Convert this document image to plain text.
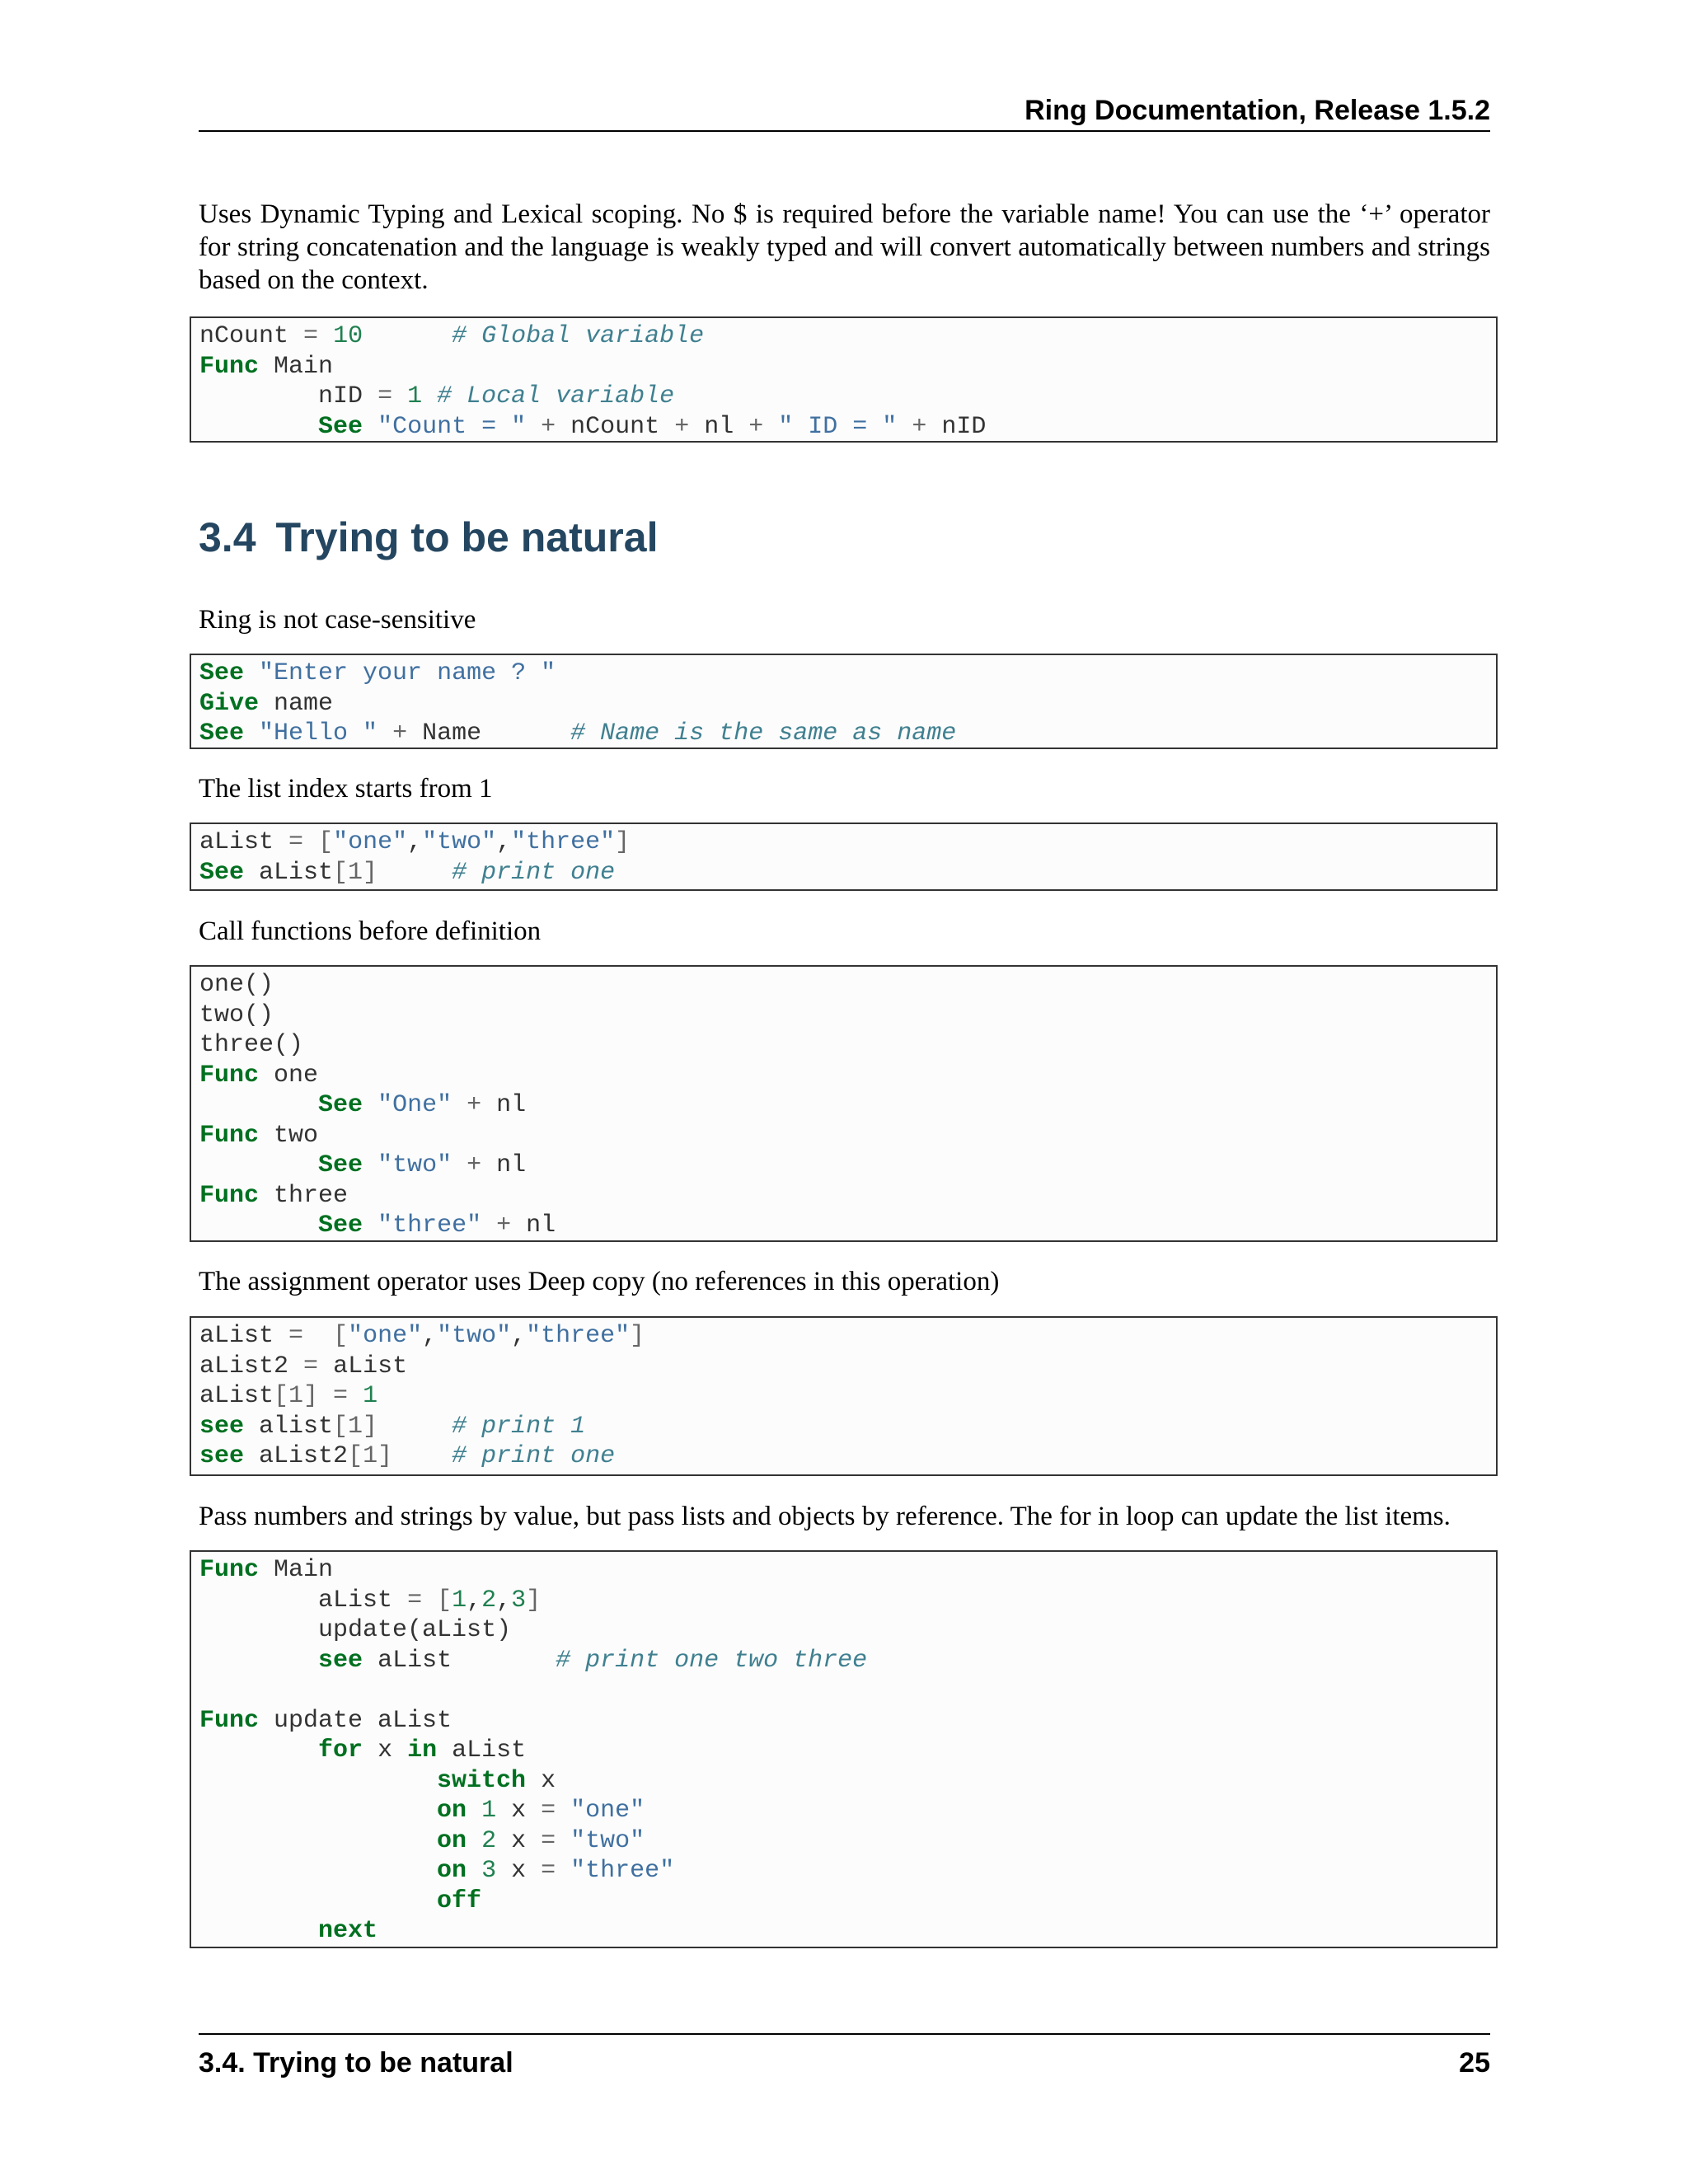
Ring Documentation, Release 1.5.2

Uses Dynamic Typing and Lexical scoping. No $ is required before the variable name! You can use the ‘+’ operator for string concatenation and the language is weakly typed and will convert automatically between numbers and strings based on the context.

nCount = 10	# Global variable
Func Main
nID = 1 # Local variable
See "Count = " + nCount + nl + " ID = " + nID
3.4 Trying to be natural

Ring is not case-sensitive

See "Enter your name ? "
Give name
See "Hello " + Name	# Name is the same as name

The list index starts from 1

aList = ["one","two","three"]
See aList[1]	# print one

Call functions before definition

one()
two()
three()
Func one
See "One" + nl
Func two
See "two" + nl
Func three
See "three" + nl

The assignment operator uses Deep copy (no references in this operation)

aList = ["one","two","three"]
aList2 = aList
aList[1] = 1
see alist[1]	# print 1
see aList2[1] # print one

Pass numbers and strings by value, but pass lists and objects by reference. The for in loop can update the list items.

Func Main
aList = [1,2,3]
update(aList)
see aList	# print one two three

Func update aList
for x in aList
switch x
on 1 x = "one"
on 2 x = "two"
on 3 x = "three"
off
next
3.4. Trying to be natural	25
